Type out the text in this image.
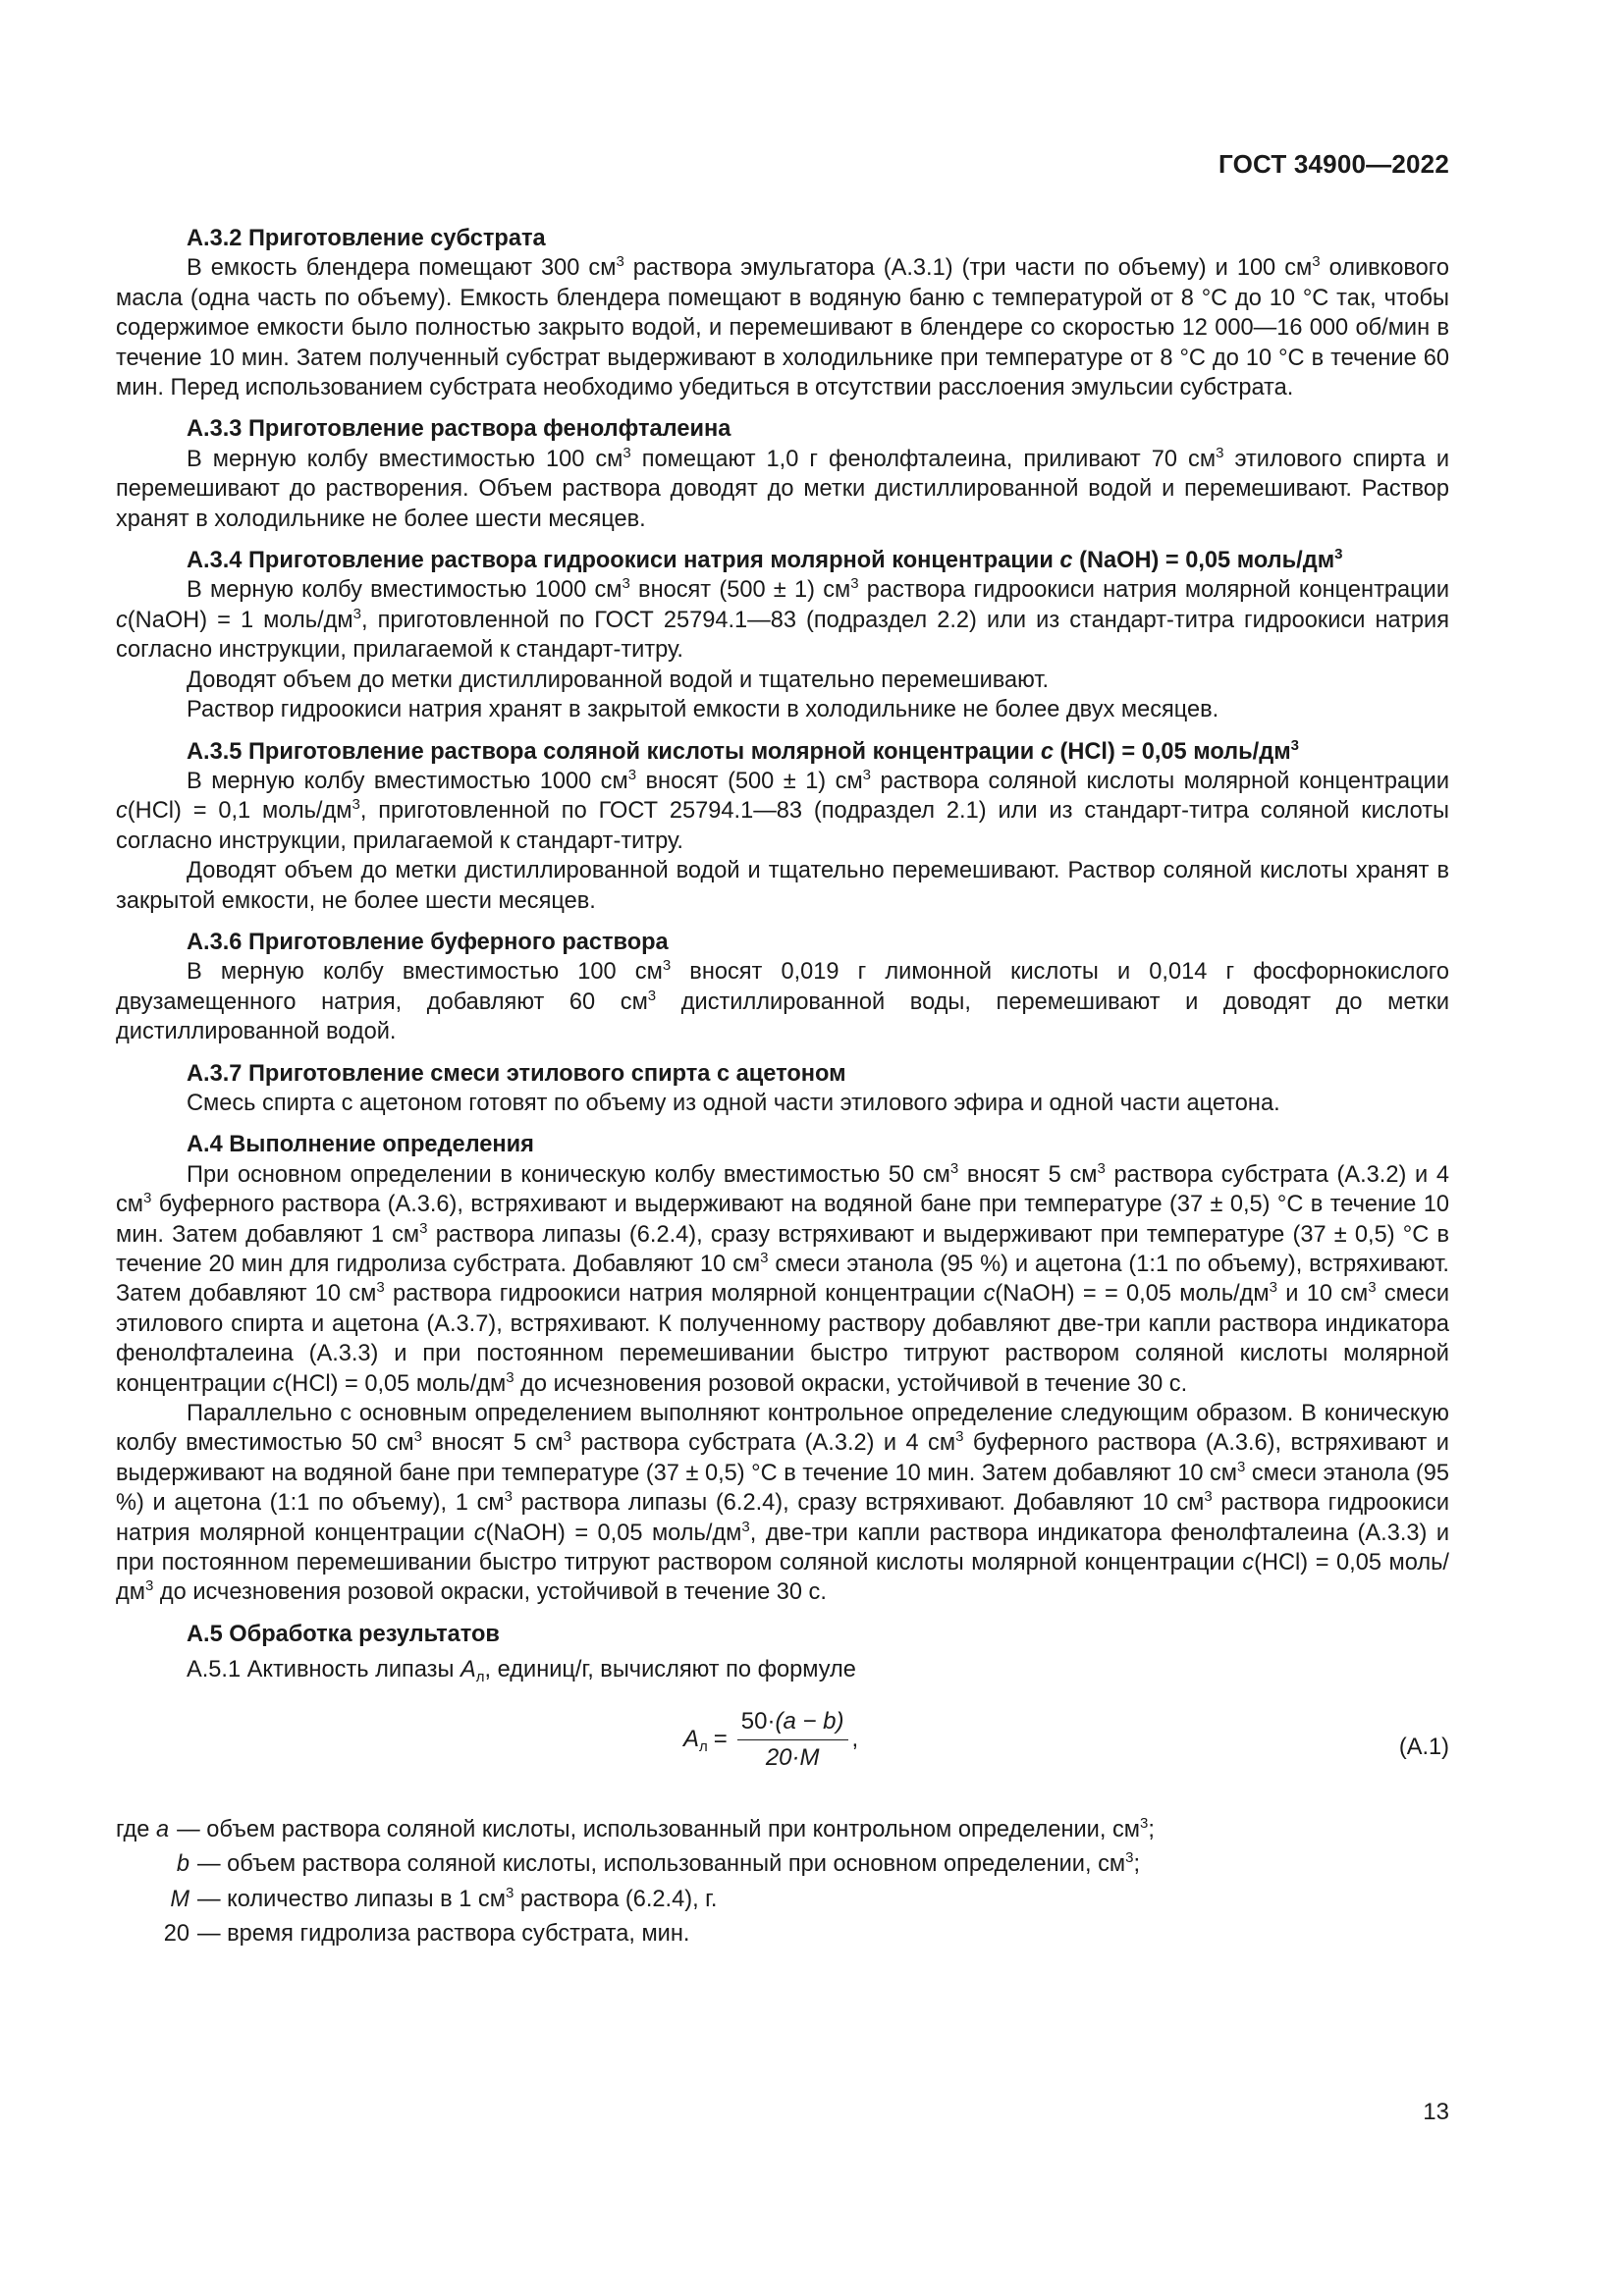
ГОСТ 34900—2022

А.3.2 Приготовление субстрата

В емкость блендера помещают 300 $см^3$ раствора эмульгатора (А.3.1) (три части по объему) и 100 $см^3$ оливкового масла (одна часть по объему). Емкость блендера помещают в водяную баню с температурой от 8 °С до 10 °С так, чтобы содержимое емкости было полностью закрыто водой, и перемешивают в блендере со скоростью 12 000—16 000 об/мин в течение 10 мин. Затем полученный субстрат выдерживают в холодильнике при температуре от 8 °С до 10 °С в течение 60 мин. Перед использованием субстрата необходимо убедиться в отсутствии расслоения эмульсии субстрата.

А.3.3 Приготовление раствора фенолфталеина

В мерную колбу вместимостью 100 $см^3$ помещают 1,0 г фенолфталеина, приливают 70 $см^3$ этилового спирта и перемешивают до растворения. Объем раствора доводят до метки дистиллированной водой и перемешивают. Раствор хранят в холодильнике не более шести месяцев.

А.3.4 Приготовление раствора гидроокиси натрия молярной концентрации c (NaOH) = 0,05 моль/$дм^3$

В мерную колбу вместимостью 1000 $см^3$ вносят (500 ± 1) $см^3$ раствора гидроокиси натрия молярной концентрации c(NaOH) = 1 моль/$дм^3$, приготовленной по ГОСТ 25794.1—83 (подраздел 2.2) или из стандарт-титра гидроокиси натрия согласно инструкции, прилагаемой к стандарт-титру.

Доводят объем до метки дистиллированной водой и тщательно перемешивают.

Раствор гидроокиси натрия хранят в закрытой емкости в холодильнике не более двух месяцев.

А.3.5 Приготовление раствора соляной кислоты молярной концентрации c (HCl) = 0,05 моль/$дм^3$

В мерную колбу вместимостью 1000 $см^3$ вносят (500 ± 1) $см^3$ раствора соляной кислоты молярной концентрации c(HCl) = 0,1 моль/$дм^3$, приготовленной по ГОСТ 25794.1—83 (подраздел 2.1) или из стандарт-титра соляной кислоты согласно инструкции, прилагаемой к стандарт-титру.

Доводят объем до метки дистиллированной водой и тщательно перемешивают. Раствор соляной кислоты хранят в закрытой емкости, не более шести месяцев.

А.3.6 Приготовление буферного раствора

В мерную колбу вместимостью 100 $см^3$ вносят 0,019 г лимонной кислоты и 0,014 г фосфорнокислого двузамещенного натрия, добавляют 60 $см^3$ дистиллированной воды, перемешивают и доводят до метки дистиллированной водой.

А.3.7 Приготовление смеси этилового спирта с ацетоном

Смесь спирта с ацетоном готовят по объему из одной части этилового эфира и одной части ацетона.

А.4 Выполнение определения

При основном определении в коническую колбу вместимостью 50 $см^3$ вносят 5 $см^3$ раствора субстрата (А.3.2) и 4 $см^3$ буферного раствора (А.3.6), встряхивают и выдерживают на водяной бане при температуре (37 ± 0,5) °С в течение 10 мин. Затем добавляют 1 $см^3$ раствора липазы (6.2.4), сразу встряхивают и выдерживают при температуре (37 ± 0,5) °С в течение 20 мин для гидролиза субстрата. Добавляют 10 $см^3$ смеси этанола (95 %) и ацетона (1:1 по объему), встряхивают. Затем добавляют 10 $см^3$ раствора гидроокиси натрия молярной концентрации c(NaOH) = = 0,05 моль/$дм^3$ и 10 $см^3$ смеси этилового спирта и ацетона (А.3.7), встряхивают. К полученному раствору добавляют две-три капли раствора индикатора фенолфталеина (А.3.3) и при постоянном перемешивании быстро титруют раствором соляной кислоты молярной концентрации c(HCl) = 0,05 моль/$дм^3$ до исчезновения розовой окраски, устойчивой в течение 30 с.

Параллельно с основным определением выполняют контрольное определение следующим образом. В коническую колбу вместимостью 50 $см^3$ вносят 5 $см^3$ раствора субстрата (А.3.2) и 4 $см^3$ буферного раствора (А.3.6), встряхивают и выдерживают на водяной бане при температуре (37 ± 0,5) °С в течение 10 мин. Затем добавляют 10 $см^3$ смеси этанола (95 %) и ацетона (1:1 по объему), 1 $см^3$ раствора липазы (6.2.4), сразу встряхивают. Добавляют 10 $см^3$ раствора гидроокиси натрия молярной концентрации c(NaOH) = 0,05 моль/$дм^3$, две-три капли раствора индикатора фенолфталеина (А.3.3) и при постоянном перемешивании быстро титруют раствором соляной кислоты молярной концентрации c(HCl) = 0,05 моль/$дм^3$ до исчезновения розовой окраски, устойчивой в течение 30 с.

А.5 Обработка результатов

А.5.1 Активность липазы $A_л$, единиц/г, вычисляют по формуле

$A_л = \frac{50\cdot(a - b)}{20\cdot M}$ ,	(А.1)
где a — объем раствора соляной кислоты, использованный при контрольном определении, $см^3$;
b — объем раствора соляной кислоты, использованный при основном определении, $см^3$;
M — количество липазы в 1 $см^3$ раствора (6.2.4), г.
20 — время гидролиза раствора субстрата, мин.
13
